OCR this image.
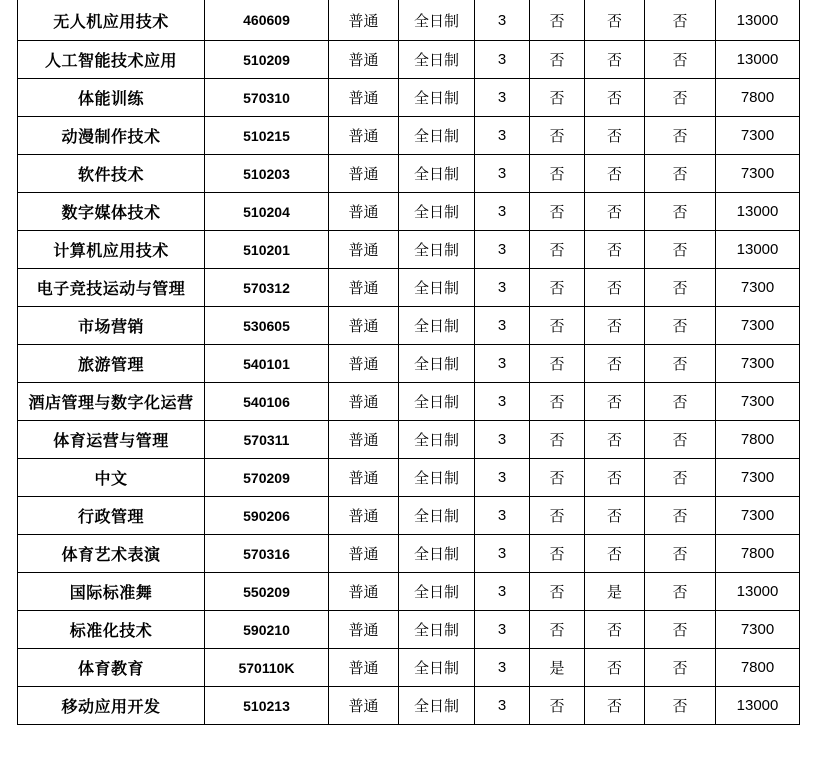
无人机应用技术	460609	普通	全日制	3	否	否	否	13000
人工智能技术应用	510209	普通	全日制	3	否	否	否	13000
体能训练	570310	普通	全日制	3	否	否	否	7800
动漫制作技术	510215	普通	全日制	3	否	否	否	7300
软件技术	510203	普通	全日制	3	否	否	否	7300
数字媒体技术	510204	普通	全日制	3	否	否	否	13000
计算机应用技术	510201	普通	全日制	3	否	否	否	13000
电子竞技运动与管理	570312	普通	全日制	3	否	否	否	7300
市场营销	530605	普通	全日制	3	否	否	否	7300
旅游管理	540101	普通	全日制	3	否	否	否	7300
酒店管理与数字化运营	540106	普通	全日制	3	否	否	否	7300
体育运营与管理	570311	普通	全日制	3	否	否	否	7800
中文	570209	普通	全日制	3	否	否	否	7300
行政管理	590206	普通	全日制	3	否	否	否	7300
体育艺术表演	570316	普通	全日制	3	否	否	否	7800
国际标准舞	550209	普通	全日制	3	否	是	否	13000
标准化技术	590210	普通	全日制	3	否	否	否	7300
体育教育	570110K	普通	全日制	3	是	否	否	7800
移动应用开发	510213	普通	全日制	3	否	否	否	13000
